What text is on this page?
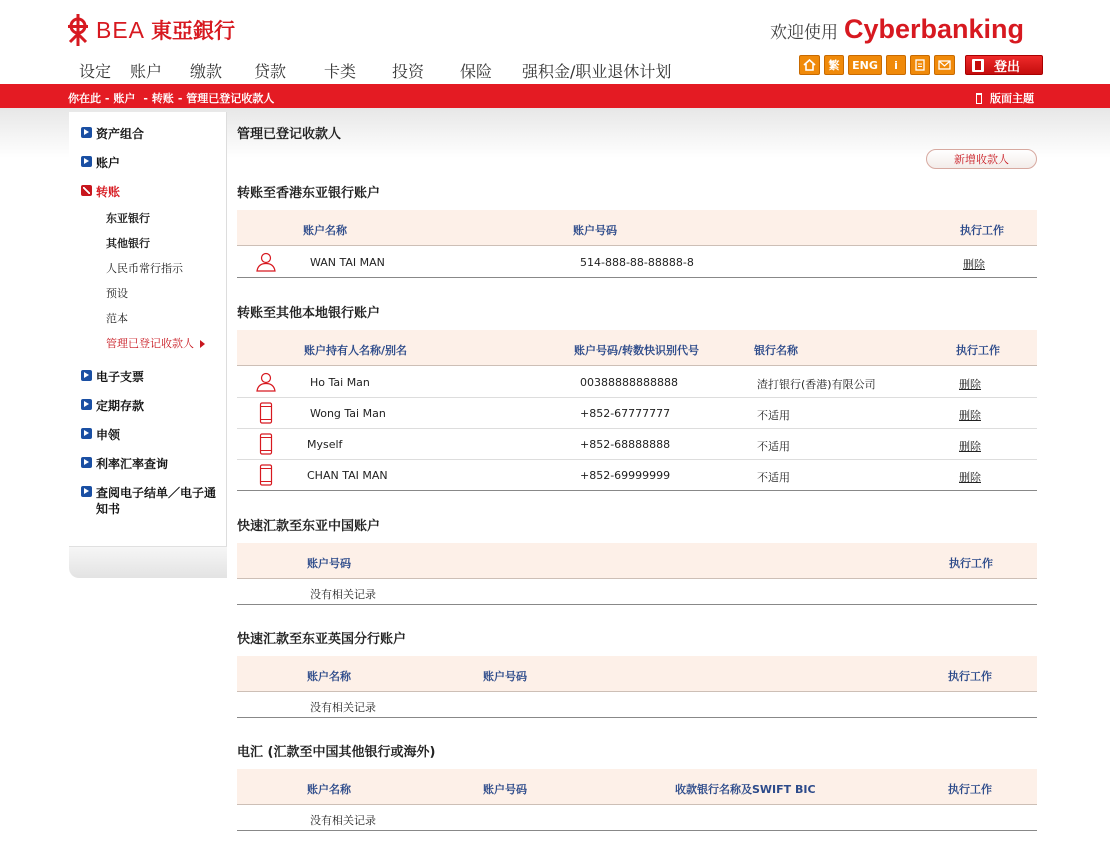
BEA 東亞銀行	欢迎使用 Cyberbanking
设定	账户	缴款	贷款	卡类	投资	保险	强积金/职业退休计划	繁	ENG	i	登出
你在此 - 账户 - 转账 - 管理已登记收款人	版面主题
资产组合
账户
转账
东亚银行
其他银行
人民币常行指示
预设
范本
管理已登记收款人
电子支票
定期存款
申领
利率汇率查询
查阅电子结单／电子通知书
管理已登记收款人
新增收款人
转账至香港东亚银行账户
账户名称	账户号码	执行工作
WAN TAI MAN	514-888-88-88888-8	删除
转账至其他本地银行账户
账户持有人名称/别名	账户号码/转数快识别代号	银行名称	执行工作
Ho Tai Man	00388888888888	渣打银行(香港)有限公司	删除
Wong Tai Man	+852-67777777	不适用	删除
Myself	+852-68888888	不适用	删除
CHAN TAI MAN	+852-69999999	不适用	删除
快速汇款至东亚中国账户
账户号码	执行工作
没有相关记录
快速汇款至东亚英国分行账户
账户名称	账户号码	执行工作
没有相关记录
电汇 (汇款至中国其他银行或海外)
账户名称	账户号码	收款银行名称及SWIFT BIC	执行工作
没有相关记录
